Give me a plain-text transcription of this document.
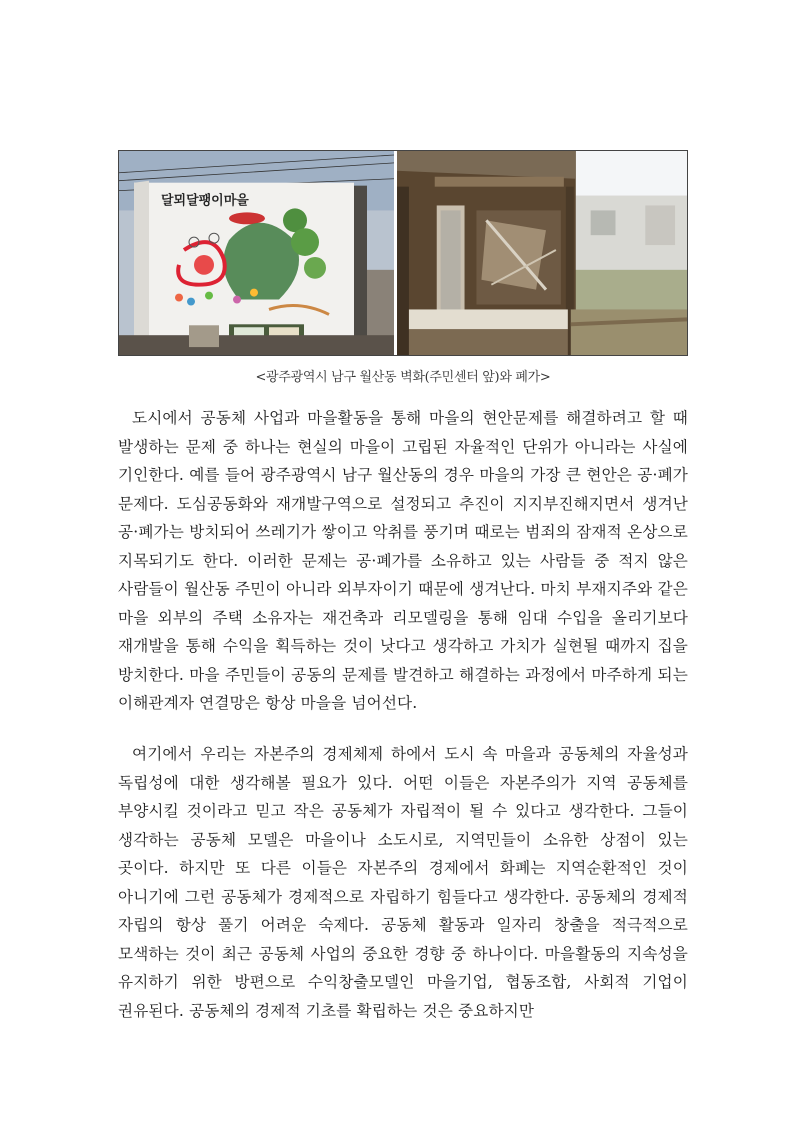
달뫼달팽이마을
<광주광역시 남구 월산동 벽화(주민센터 앞)와 폐가>

도시에서 공동체 사업과 마을활동을 통해 마을의 현안문제를 해결하려고 할 때 발생하는 문제 중 하나는 현실의 마을이 고립된 자율적인 단위가 아니라는 사실에 기인한다. 예를 들어 광주광역시 남구 월산동의 경우 마을의 가장 큰 현안은 공·폐가 문제다. 도심공동화와 재개발구역으로 설정되고 추진이 지지부진해지면서 생겨난 공·폐가는 방치되어 쓰레기가 쌓이고 악취를 풍기며 때로는 범죄의 잠재적 온상으로 지목되기도 한다. 이러한 문제는 공·폐가를 소유하고 있는 사람들 중 적지 않은 사람들이 월산동 주민이 아니라 외부자이기 때문에 생겨난다. 마치 부재지주와 같은 마을 외부의 주택 소유자는 재건축과 리모델링을 통해 임대 수입을 올리기보다 재개발을 통해 수익을 획득하는 것이 낫다고 생각하고 가치가 실현될 때까지 집을 방치한다. 마을 주민들이 공동의 문제를 발견하고 해결하는 과정에서 마주하게 되는 이해관계자 연결망은 항상 마을을 넘어선다.

여기에서 우리는 자본주의 경제체제 하에서 도시 속 마을과 공동체의 자율성과 독립성에 대한 생각해볼 필요가 있다. 어떤 이들은 자본주의가 지역 공동체를 부양시킬 것이라고 믿고 작은 공동체가 자립적이 될 수 있다고 생각한다. 그들이 생각하는 공동체 모델은 마을이나 소도시로, 지역민들이 소유한 상점이 있는 곳이다. 하지만 또 다른 이들은 자본주의 경제에서 화폐는 지역순환적인 것이 아니기에 그런 공동체가 경제적으로 자립하기 힘들다고 생각한다. 공동체의 경제적 자립의 항상 풀기 어려운 숙제다. 공동체 활동과 일자리 창출을 적극적으로 모색하는 것이 최근 공동체 사업의 중요한 경향 중 하나이다. 마을활동의 지속성을 유지하기 위한 방편으로 수익창출모델인 마을기업, 협동조합, 사회적 기업이 권유된다. 공동체의 경제적 기초를 확립하는 것은 중요하지만
